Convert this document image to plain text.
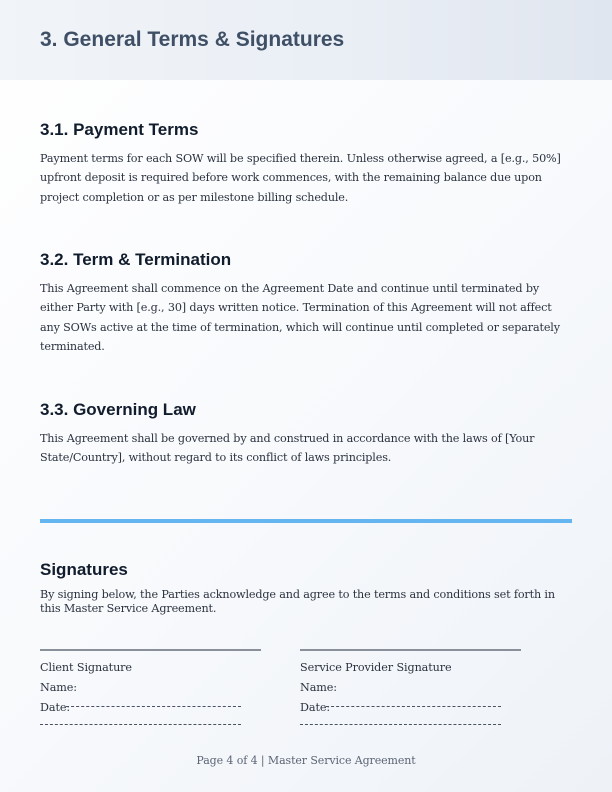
3. General Terms & Signatures
3.1. Payment Terms

Payment terms for each SOW will be specified therein. Unless otherwise agreed, a [e.g., 50%] upfront deposit is required before work commences, with the remaining balance due upon project completion or as per milestone billing schedule.

3.2. Term & Termination

This Agreement shall commence on the Agreement Date and continue until terminated by either Party with [e.g., 30] days written notice. Termination of this Agreement will not affect any SOWs active at the time of termination, which will continue until completed or separately terminated.

3.3. Governing Law

This Agreement shall be governed by and construed in accordance with the laws of [Your State/Country], without regard to its conflict of laws principles.

Signatures

By signing below, the Parties acknowledge and agree to the terms and conditions set forth in this Master Service Agreement.

Client Signature
Name:
Date:
Service Provider Signature
Name:
Date:
Page 4 of 4 | Master Service Agreement
